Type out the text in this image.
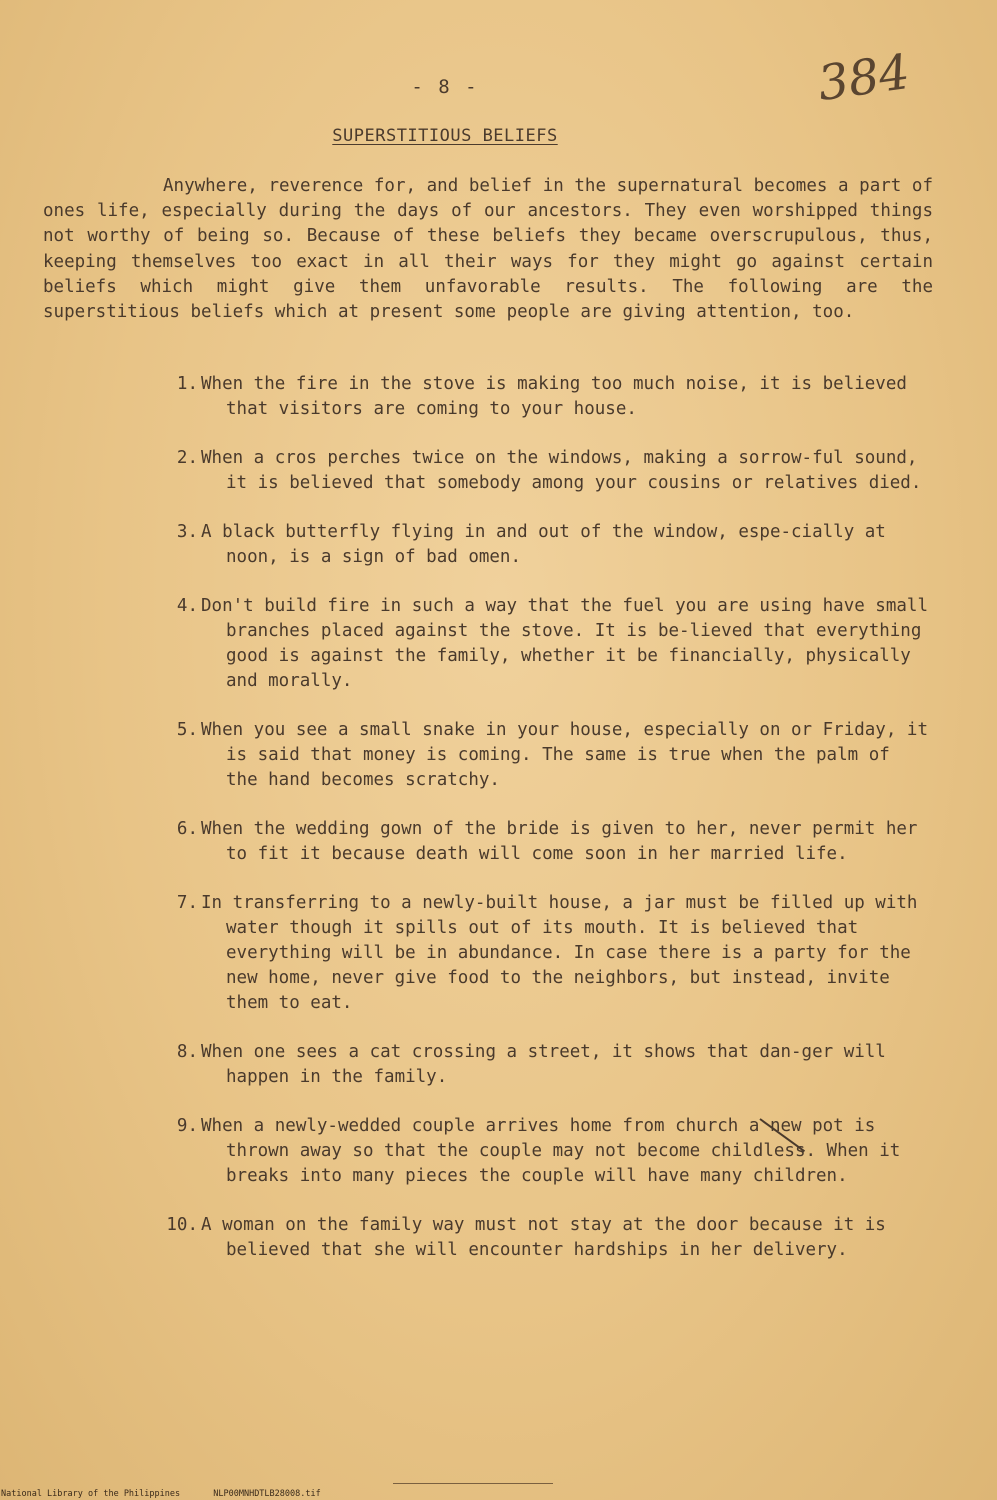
- 8 -	384
SUPERSTITIOUS BELIEFS

Anywhere, reverence for, and belief in the supernatural becomes a part of ones life, especially during the days of our ancestors. They even worshipped things not worthy of being so. Because of these beliefs they became overscrupulous, thus, keeping themselves too exact in all their ways for they might go against certain beliefs which might give them unfavorable results. The following are the superstitious beliefs which at present some people are giving attention, too.

1. When the fire in the stove is making too much noise, it is believed that visitors are coming to your house.
2. When a cros perches twice on the windows, making a sorrow-ful sound, it is believed that somebody among your cousins or relatives died.
3. A black butterfly flying in and out of the window, espe-cially at noon, is a sign of bad omen.
4. Don't build fire in such a way that the fuel you are using have small branches placed against the stove. It is be-lieved that everything good is against the family, whether it be financially, physically and morally.
5. When you see a small snake in your house, especially on or Friday, it is said that money is coming. The same is true when the palm of the hand becomes scratchy.
6. When the wedding gown of the bride is given to her, never permit her to fit it because death will come soon in her married life.
7. In transferring to a newly-built house, a jar must be filled up with water though it spills out of its mouth. It is believed that everything will be in abundance. In case there is a party for the new home, never give food to the neighbors, but instead, invite them to eat.
8. When one sees a cat crossing a street, it shows that dan-ger will happen in the family.
9. When a newly-wedded couple arrives home from church a new pot is thrown away so that the couple may not become childless. When it breaks into many pieces the couple will have many children.
10. A woman on the family way must not stay at the door because it is believed that she will encounter hardships in her delivery.
National Library of the Philippines	NLP00MNHDTLB28008.tif
